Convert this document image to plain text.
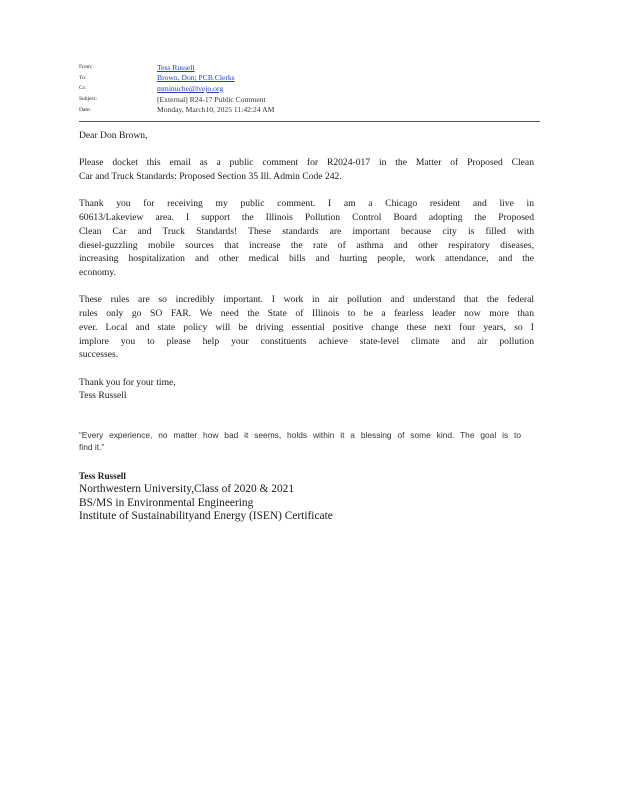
From:	Tess Russell
To:	Brown, Don; PCB.Clerks
Cc:	mminuche@lvejo.org
Subject:	[External] R24-17 Public Comment
Date:	Monday, March10, 2025 11:42:24 AM

Dear Don Brown,

Please docket this email as a public comment for R2024-017 in the Matter of Proposed Clean

Car and Truck Standards: Proposed Section 35 Ill. Admin Code 242.

Thank you for receiving my public comment. I am a Chicago resident and live in

60613/Lakeview area. I support the Illinois Pollution Control Board adopting the Proposed

Clean Car and Truck Standards! These standards are important because city is filled with

diesel-guzzling mobile sources that increase the rate of asthma and other respiratory diseases,

increasing hospitalization and other medical bills and hurting people, work attendance, and the

economy.

These rules are so incredibly important. I work in air pollution and understand that the federal

rules only go SO FAR. We need the State of Illinois to be a fearless leader now more than

ever. Local and state policy will be driving essential positive change these next four years, so I

implore you to please help your constituents achieve state-level climate and air pollution

successes.

Thank you for your time,

Tess Russell

“Every experience, no matter how bad it seems, holds within it a blessing of some kind. The goal is to
find it.”
Tess Russell
Northwestern University,Class of 2020 & 2021
BS/MS in Environmental Engineering
Institute of Sustainabilityand Energy (ISEN) Certificate
